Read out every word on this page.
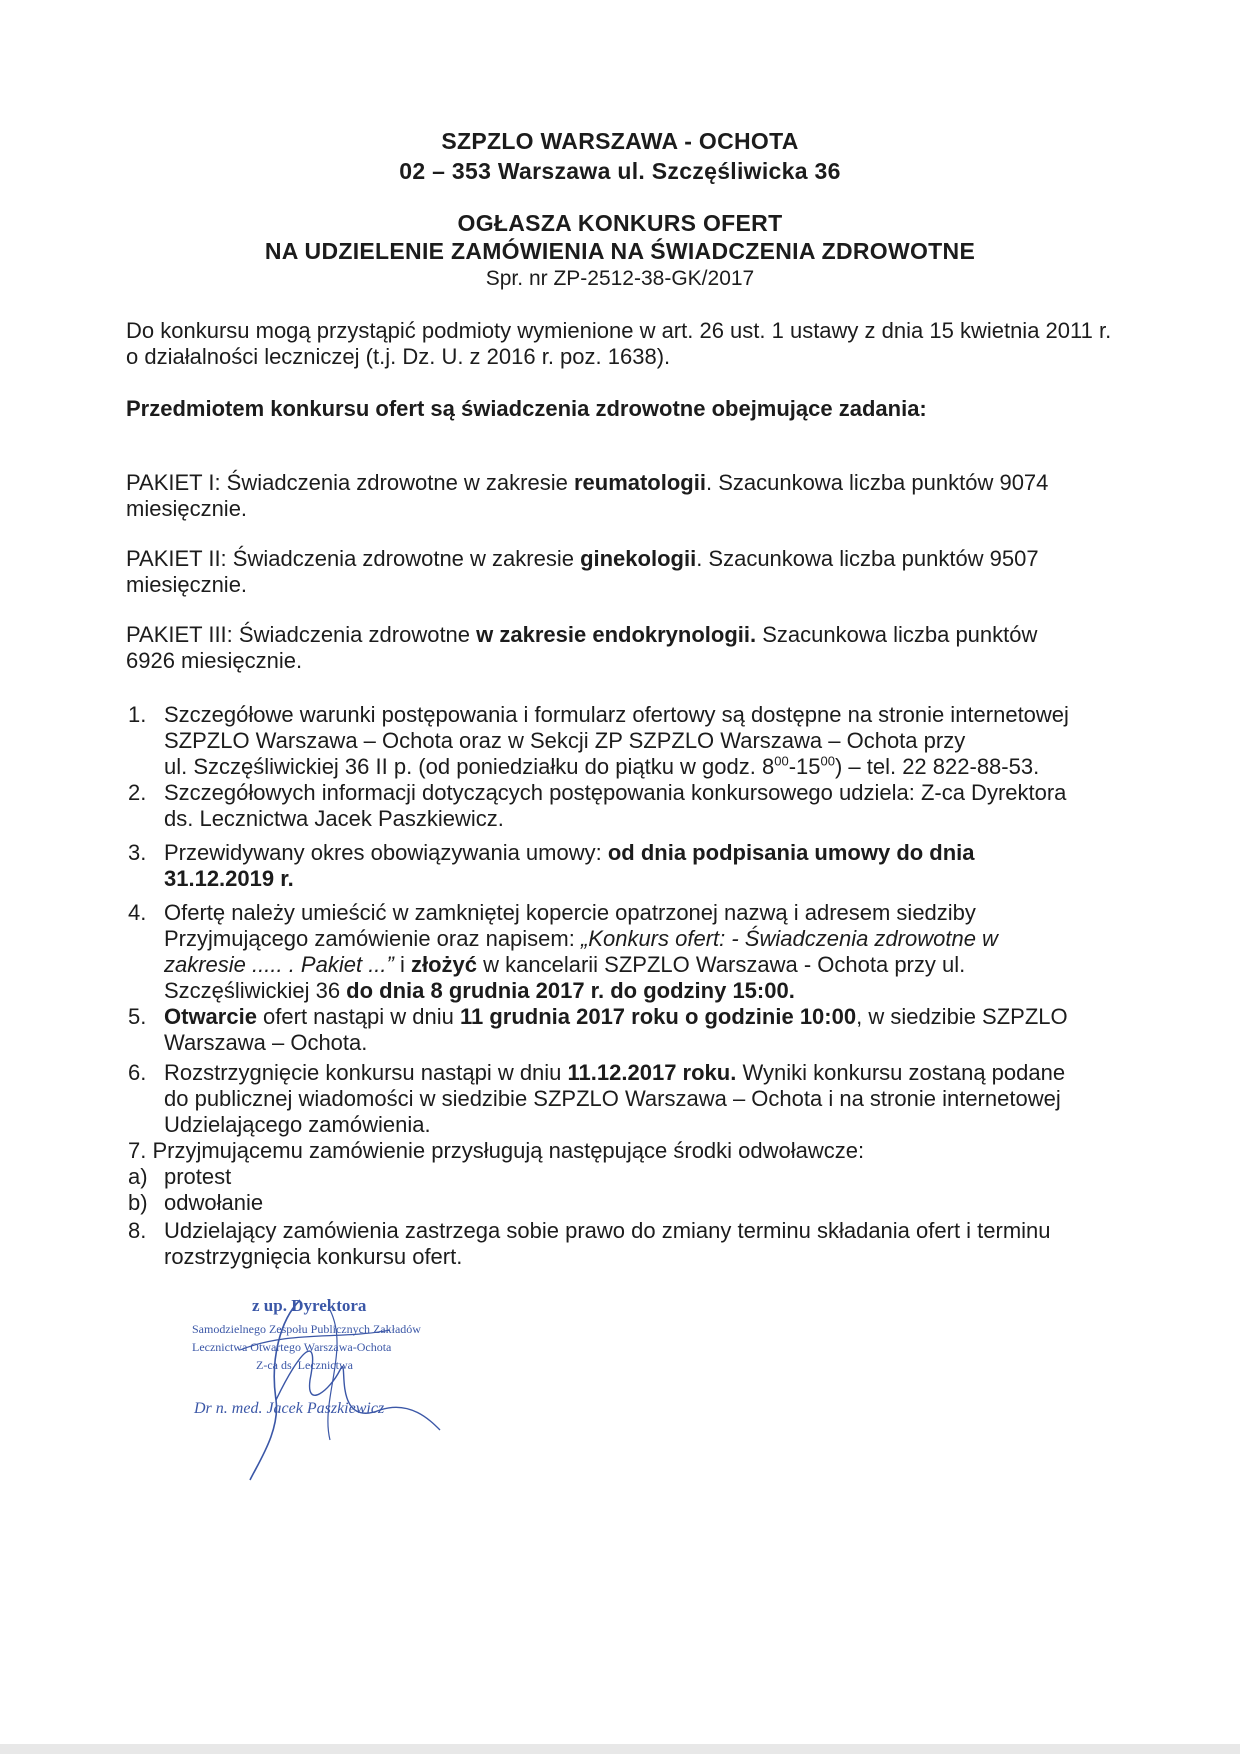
SZPZLO WARSZAWA - OCHOTA
02 – 353 Warszawa ul. Szczęśliwicka 36
OGŁASZA KONKURS OFERT
NA UDZIELENIE ZAMÓWIENIA NA ŚWIADCZENIA ZDROWOTNE
Spr. nr ZP-2512-38-GK/2017
Do konkursu mogą przystąpić podmioty wymienione w art. 26 ust. 1 ustawy z dnia 15 kwietnia 2011 r.
o działalności leczniczej (t.j. Dz. U. z 2016 r. poz. 1638).
Przedmiotem konkursu ofert są świadczenia zdrowotne obejmujące zadania:
PAKIET I: Świadczenia zdrowotne w zakresie reumatologii. Szacunkowa liczba punktów 9074
miesięcznie.
PAKIET II: Świadczenia zdrowotne w zakresie ginekologii. Szacunkowa liczba punktów 9507
miesięcznie.
PAKIET III: Świadczenia zdrowotne w zakresie endokrynologii. Szacunkowa liczba punktów
6926 miesięcznie.
1. Szczegółowe warunki postępowania i formularz ofertowy są dostępne na stronie internetowej
SZPZLO Warszawa – Ochota oraz w Sekcji ZP SZPZLO Warszawa – Ochota przy
ul. Szczęśliwickiej 36 II p. (od poniedziałku do piątku w godz. $8^{00}-15^{00}$) – tel. 22 822-88-53.
2. Szczegółowych informacji dotyczących postępowania konkursowego udziela: Z-ca Dyrektora
ds. Lecznictwa Jacek Paszkiewicz.
3. Przewidywany okres obowiązywania umowy: od dnia podpisania umowy do dnia
31.12.2019 r.
4. Ofertę należy umieścić w zamkniętej kopercie opatrzonej nazwą i adresem siedziby
Przyjmującego zamówienie oraz napisem: „Konkurs ofert: - Świadczenia zdrowotne w
zakresie ..... . Pakiet ...” i złożyć w kancelarii SZPZLO Warszawa - Ochota przy ul.
Szczęśliwickiej 36 do dnia 8 grudnia 2017 r. do godziny 15:00.
5. Otwarcie ofert nastąpi w dniu 11 grudnia 2017 roku o godzinie 10:00, w siedzibie SZPZLO
Warszawa – Ochota.
6. Rozstrzygnięcie konkursu nastąpi w dniu 11.12.2017 roku. Wyniki konkursu zostaną podane
do publicznej wiadomości w siedzibie SZPZLO Warszawa – Ochota i na stronie internetowej
Udzielającego zamówienia.
7. Przyjmującemu zamówienie przysługują następujące środki odwoławcze:
a) protest
b) odwołanie
8. Udzielający zamówienia zastrzega sobie prawo do zmiany terminu składania ofert i terminu
rozstrzygnięcia konkursu ofert.
z up. Dyrektora
Samodzielnego Zespołu Publicznych Zakładów
Lecznictwa Otwartego Warszawa-Ochota
Z-ca ds. Lecznictwa
Dr n. med. Jacek Paszkiewicz
